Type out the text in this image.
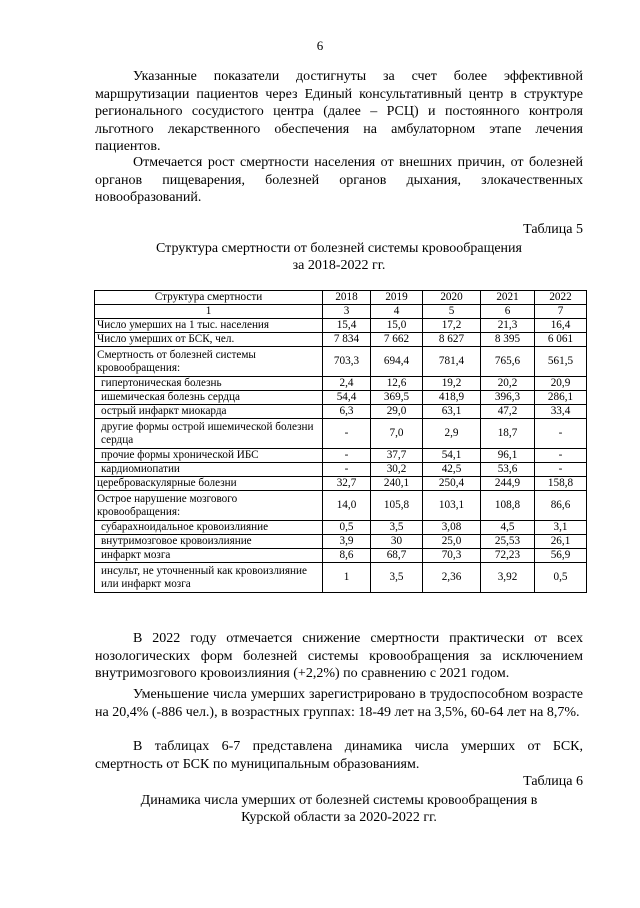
6

Указанные показатели достигнуты за счет более эффективной маршрутизации пациентов через Единый консультативный центр в структуре регионального сосудистого центра (далее – РСЦ) и постоянного контроля льготного лекарственного обеспечения на амбулаторном этапе лечения пациентов.

Отмечается рост смертности населения от внешних причин, от болезней органов пищеварения, болезней органов дыхания, злокачественных новообразований.

Таблица 5
Структура смертности от болезней системы кровообращения
за 2018-2022 гг.
Структура смертности	2018	2019	2020	2021	2022
1	3	4	5	6	7
Число умерших на 1 тыс. населения	15,4	15,0	17,2	21,3	16,4
Число умерших от БСК, чел.	7 834	7 662	8 627	8 395	6 061
Смертность от болезней системы кровообращения:	703,3	694,4	781,4	765,6	561,5
гипертоническая болезнь	2,4	12,6	19,2	20,2	20,9
ишемическая болезнь сердца	54,4	369,5	418,9	396,3	286,1
острый инфаркт миокарда	6,3	29,0	63,1	47,2	33,4
другие формы острой ишемической болезни сердца	-	7,0	2,9	18,7	-
прочие формы хронической ИБС	-	37,7	54,1	96,1	-
кардиомиопатии	-	30,2	42,5	53,6	-
цереброваскулярные болезни	32,7	240,1	250,4	244,9	158,8
Острое нарушение мозгового кровообращения:	14,0	105,8	103,1	108,8	86,6
субарахноидальное кровоизлияние	0,5	3,5	3,08	4,5	3,1
внутримозговое кровоизлияние	3,9	30	25,0	25,53	26,1
инфаркт мозга	8,6	68,7	70,3	72,23	56,9
инсульт, не уточненный как кровоизлияние или инфаркт мозга	1	3,5	2,36	3,92	0,5

В 2022 году отмечается снижение смертности практически от всех нозологических форм болезней системы кровообращения за исключением внутримозгового кровоизлияния (+2,2%) по сравнению с 2021 годом.

Уменьшение числа умерших зарегистрировано в трудоспособном возрасте на 20,4% (-886 чел.), в возрастных группах: 18-49 лет на 3,5%, 60-64 лет на 8,7%.

В таблицах 6-7 представлена динамика числа умерших от БСК, смертность от БСК по муниципальным образованиям.

Таблица 6
Динамика числа умерших от болезней системы кровообращения в
Курской области за 2020-2022 гг.
